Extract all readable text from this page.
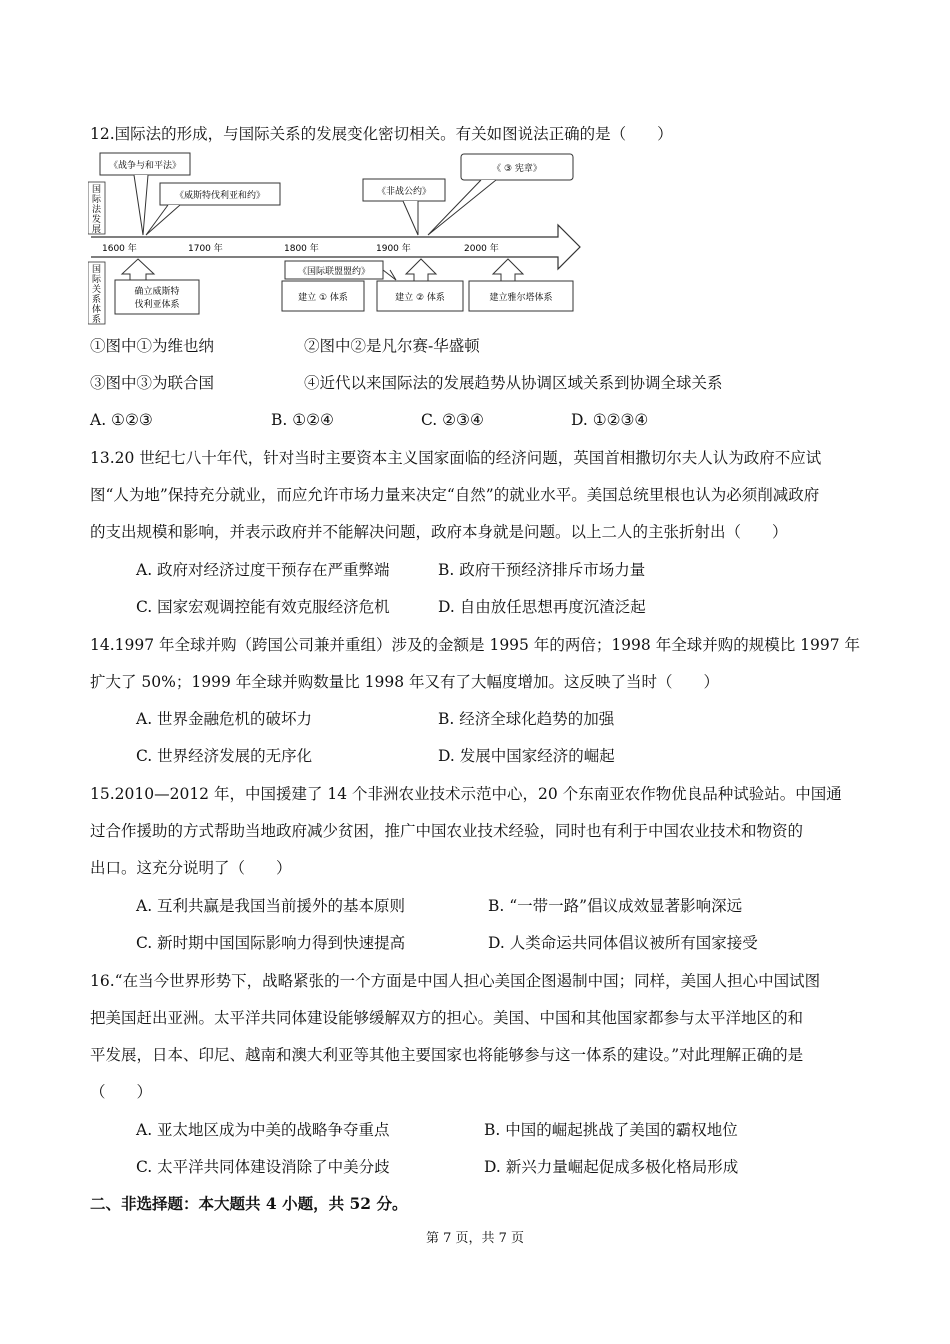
12.国际法的形成，与国际关系的发展变化密切相关。有关如图说法正确的是（　　）
国
际
法
发
展
国
际
关
系
体
系
1600 年	1700 年	1800 年	1900 年	2000 年
《战争与和平法》
《威斯特伐利亚和约》	《非战公约》
《 ③ 宪章》
确立威斯特
伐利亚体系
《国际联盟盟约》
建立 ① 体系	建立 ② 体系	建立雅尔塔体系
①图中①为维也纳	②图中②是凡尔赛-华盛顿
③图中③为联合国	④近代以来国际法的发展趋势从协调区域关系到协调全球关系
A. ①②③	B. ①②④	C. ②③④	D. ①②③④
13.20 世纪七八十年代，针对当时主要资本主义国家面临的经济问题，英国首相撒切尔夫人认为政府不应试
图“人为地”保持充分就业，而应允许市场力量来决定“自然”的就业水平。美国总统里根也认为必须削减政府
的支出规模和影响，并表示政府并不能解决问题，政府本身就是问题。以上二人的主张折射出（　　）
A. 政府对经济过度干预存在严重弊端	B. 政府干预经济排斥市场力量
C. 国家宏观调控能有效克服经济危机	D. 自由放任思想再度沉渣泛起
14.1997 年全球并购（跨国公司兼并重组）涉及的金额是 1995 年的两倍；1998 年全球并购的规模比 1997 年
扩大了 50%；1999 年全球并购数量比 1998 年又有了大幅度增加。这反映了当时（　　）
A. 世界金融危机的破坏力	B. 经济全球化趋势的加强
C. 世界经济发展的无序化	D. 发展中国家经济的崛起
15.2010—2012 年，中国援建了 14 个非洲农业技术示范中心，20 个东南亚农作物优良品种试验站。中国通
过合作援助的方式帮助当地政府减少贫困，推广中国农业技术经验，同时也有利于中国农业技术和物资的
出口。这充分说明了（　　）
A. 互利共赢是我国当前援外的基本原则	B. “一带一路”倡议成效显著影响深远
C. 新时期中国国际影响力得到快速提高	D. 人类命运共同体倡议被所有国家接受
16.“在当今世界形势下，战略紧张的一个方面是中国人担心美国企图遏制中国；同样，美国人担心中国试图
把美国赶出亚洲。太平洋共同体建设能够缓解双方的担心。美国、中国和其他国家都参与太平洋地区的和
平发展，日本、印尼、越南和澳大利亚等其他主要国家也将能够参与这一体系的建设。”对此理解正确的是
（　　）
A. 亚太地区成为中美的战略争夺重点	B. 中国的崛起挑战了美国的霸权地位
C. 太平洋共同体建设消除了中美分歧	D. 新兴力量崛起促成多极化格局形成
二、非选择题：本大题共 4 小题，共 52 分。
第 7 页，共 7 页
